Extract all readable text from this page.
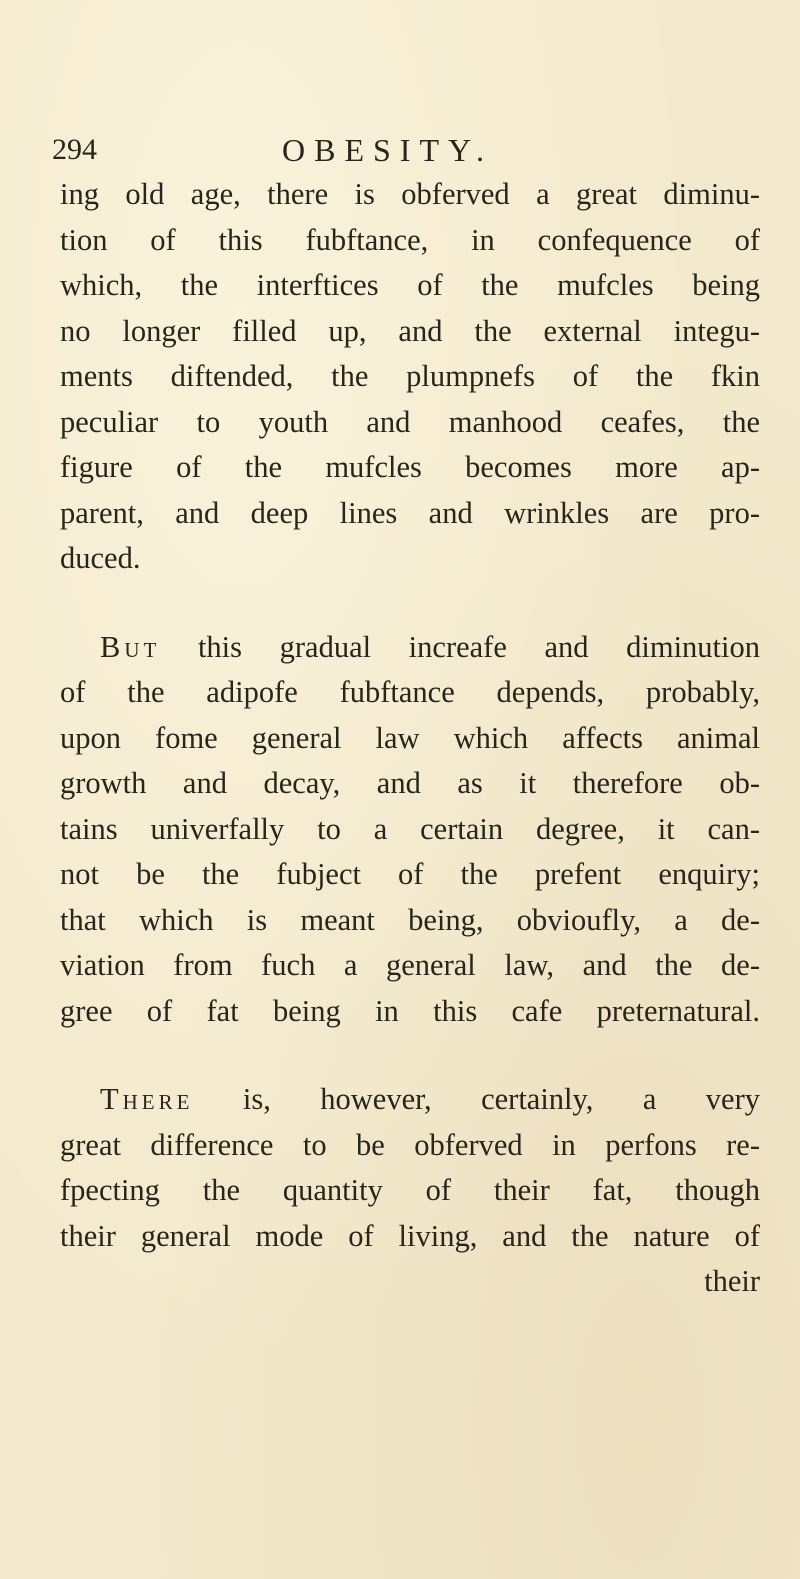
294	OBESITY.
ing old age, there is obferved a great diminu-
tion of this fubftance, in confequence of
which, the interftices of the mufcles being
no longer filled up, and the external integu-
ments diftended, the plumpnefs of the fkin
peculiar to youth and manhood ceafes, the
figure of the mufcles becomes more ap-
parent, and deep lines and wrinkles are pro-
duced.
But this gradual increafe and diminution
of the adipofe fubftance depends, probably,
upon fome general law which affects animal
growth and decay, and as it therefore ob-
tains univerfally to a certain degree, it can-
not be the fubject of the prefent enquiry;
that which is meant being, obvioufly, a de-
viation from fuch a general law, and the de-
gree of fat being in this cafe preternatural.
There is, however, certainly, a very
great difference to be obferved in perfons re-
fpecting the quantity of their fat, though
their general mode of living, and the nature of
their
